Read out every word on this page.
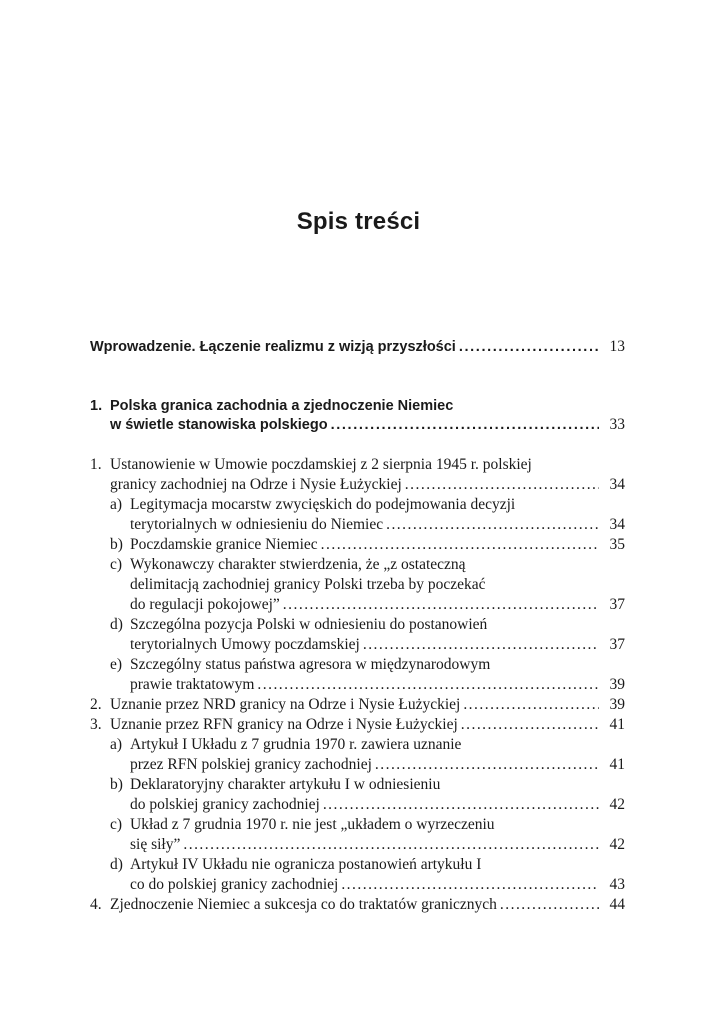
Spis treści
Wprowadzenie. Łączenie realizmu z wizją przyszłości . . .	13
1. Polska granica zachodnia a zjednoczenie Niemiec
w świetle stanowiska polskiego . . .	33
1. Ustanowienie w Umowie poczdamskiej z 2 sierpnia 1945 r. polskiej
granicy zachodniej na Odrze i Nysie Łużyckiej . . .	34
a) Legitymacja mocarstw zwycięskich do podejmowania decyzji
terytorialnych w odniesieniu do Niemiec . . .	34
b) Poczdamskie granice Niemiec . . .	35
c) Wykonawczy charakter stwierdzenia, że „z ostateczną
delimitacją zachodniej granicy Polski trzeba by poczekać
do regulacji pokojowej” . . .	37
d) Szczególna pozycja Polski w odniesieniu do postanowień
terytorialnych Umowy poczdamskiej . . .	37
e) Szczególny status państwa agresora w międzynarodowym
prawie traktatowym . . .	39
2. Uznanie przez NRD granicy na Odrze i Nysie Łużyckiej . . .	39
3. Uznanie przez RFN granicy na Odrze i Nysie Łużyckiej . . .	41
a) Artykuł I Układu z 7 grudnia 1970 r. zawiera uznanie
przez RFN polskiej granicy zachodniej . . .	41
b) Deklaratoryjny charakter artykułu I w odniesieniu
do polskiej granicy zachodniej . . .	42
c) Układ z 7 grudnia 1970 r. nie jest „układem o wyrzeczeniu
się siły” . . .	42
d) Artykuł IV Układu nie ogranicza postanowień artykułu I
co do polskiej granicy zachodniej . . .	43
4. Zjednoczenie Niemiec a sukcesja co do traktatów granicznych . . .	44
